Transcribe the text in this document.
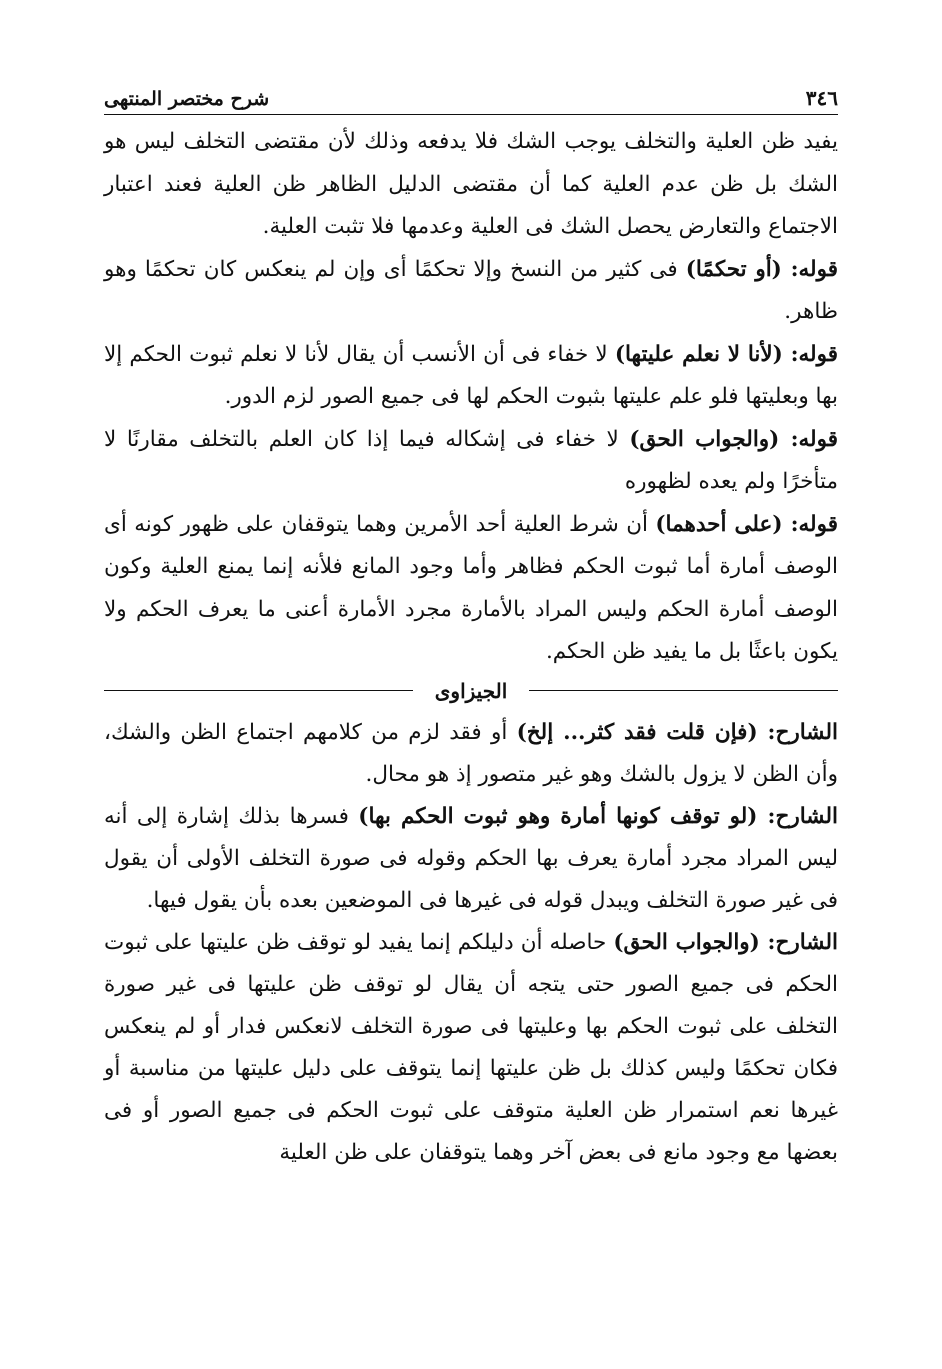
٣٤٦
شرح مختصر المنتهى

يفيد ظن العلية والتخلف يوجب الشك فلا يدفعه وذلك لأن مقتضى التخلف ليس هو الشك بل ظن عدم العلية كما أن مقتضى الدليل الظاهر ظن العلية فعند اعتبار الاجتماع والتعارض يحصل الشك فى العلية وعدمها فلا تثبت العلية.

قوله: (أو تحكمًا) فى كثير من النسخ وإلا تحكمًا أى وإن لم ينعكس كان تحكمًا وهو ظاهر.

قوله: (لأنا لا نعلم عليتها) لا خفاء فى أن الأنسب أن يقال لأنا لا نعلم ثبوت الحكم إلا بها وبعليتها فلو علم عليتها بثبوت الحكم لها فى جميع الصور لزم الدور.

قوله: (والجواب الحق) لا خفاء فى إشكاله فيما إذا كان العلم بالتخلف مقارنًا لا متأخرًا ولم يعده لظهوره

قوله: (على أحدهما) أن شرط العلية أحد الأمرين وهما يتوقفان على ظهور كونه أى الوصف أمارة أما ثبوت الحكم فظاهر وأما وجود المانع فلأنه إنما يمنع العلية وكون الوصف أمارة الحكم وليس المراد بالأمارة مجرد الأمارة أعنى ما يعرف الحكم ولا يكون باعثًا بل ما يفيد ظن الحكم.

الجيزاوى

الشارح: (فإن قلت فقد كثر... إلخ) أو فقد لزم من كلامهم اجتماع الظن والشك، وأن الظن لا يزول بالشك وهو غير متصور إذ هو محال.

الشارح: (لو توقف كونها أمارة وهو ثبوت الحكم بها) فسرها بذلك إشارة إلى أنه ليس المراد مجرد أمارة يعرف بها الحكم وقوله فى صورة التخلف الأولى أن يقول فى غير صورة التخلف ويبدل قوله فى غيرها فى الموضعين بعده بأن يقول فيها.

الشارح: (والجواب الحق) حاصله أن دليلكم إنما يفيد لو توقف ظن عليتها على ثبوت الحكم فى جميع الصور حتى يتجه أن يقال لو توقف ظن عليتها فى غير صورة التخلف على ثبوت الحكم بها وعليتها فى صورة التخلف لانعكس فدار أو لم ينعكس فكان تحكمًا وليس كذلك بل ظن عليتها إنما يتوقف على دليل عليتها من مناسبة أو غيرها نعم استمرار ظن العلية متوقف على ثبوت الحكم فى جميع الصور أو فى بعضها مع وجود مانع فى بعض آخر وهما يتوقفان على ظن العلية
